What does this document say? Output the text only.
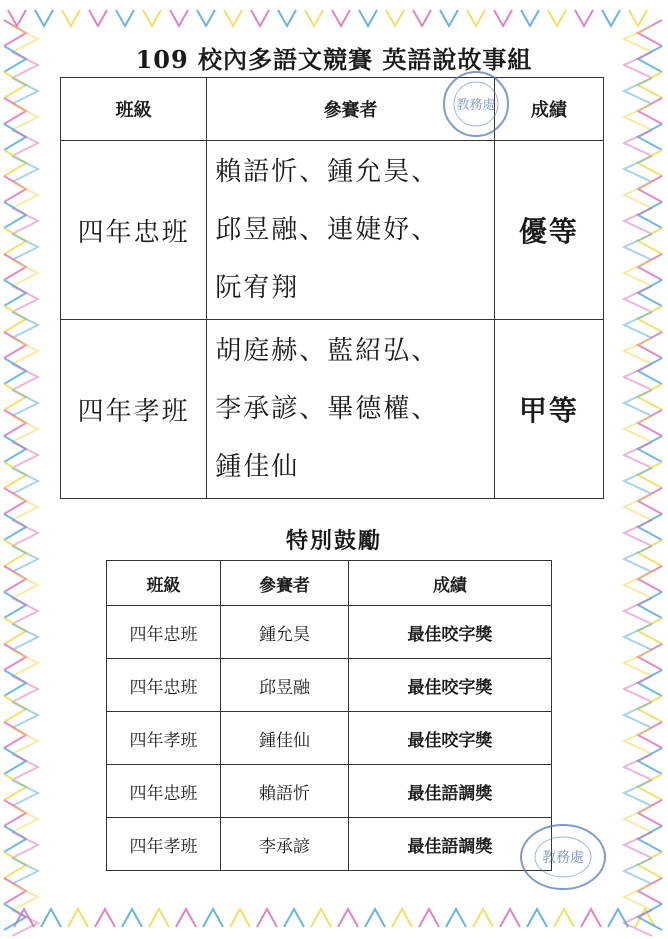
109 校內多語文競賽 英語說故事組
班級	參賽者	成績
四年忠班	賴語忻、鍾允昊、
邱昱融、連婕妤、
阮宥翔	優等
四年孝班	胡庭赫、藍紹弘、
李承諺、畢德權、
鍾佳仙	甲等
特別鼓勵
班級	參賽者	成績
四年忠班	鍾允昊	最佳咬字獎
四年忠班	邱昱融	最佳咬字獎
四年孝班	鍾佳仙	最佳咬字獎
四年忠班	賴語忻	最佳語調獎
四年孝班	李承諺	最佳語調獎
教務處
教務處
